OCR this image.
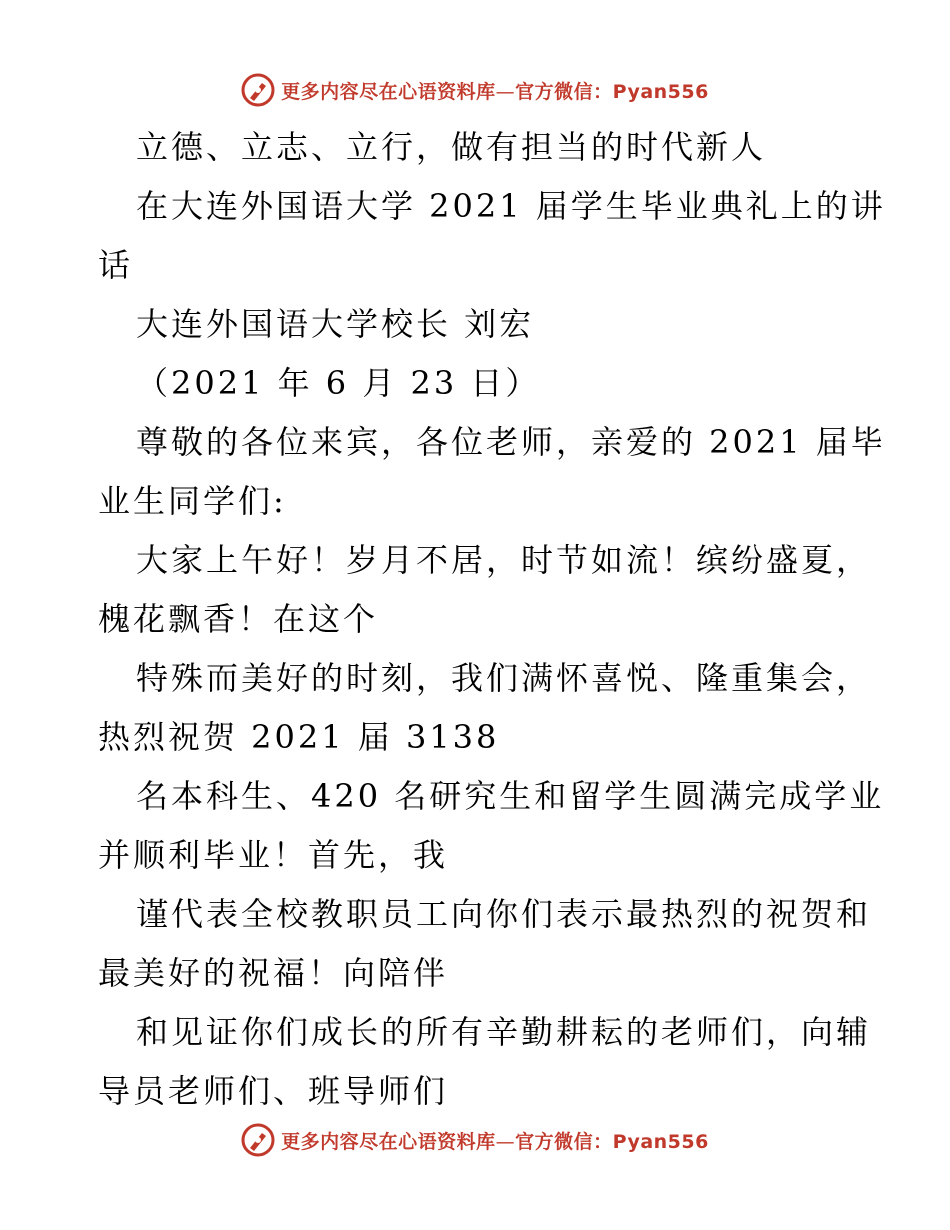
更多内容尽在心语资料库—官方微信：Pyan556
立德、立志、立行，做有担当的时代新人
在大连外国语大学 2021 届学生毕业典礼上的讲
话
大连外国语大学校长 刘宏
（2021 年 6 月 23 日）
尊敬的各位来宾，各位老师，亲爱的 2021 届毕
业生同学们:
大家上午好！岁月不居，时节如流！缤纷盛夏，
槐花飘香！在这个
特殊而美好的时刻，我们满怀喜悦、隆重集会，
热烈祝贺 2021 届 3138
名本科生、420 名研究生和留学生圆满完成学业
并顺利毕业！首先，我
谨代表全校教职员工向你们表示最热烈的祝贺和
最美好的祝福！向陪伴
和见证你们成长的所有辛勤耕耘的老师们，向辅
导员老师们、班导师们
更多内容尽在心语资料库—官方微信：Pyan556
